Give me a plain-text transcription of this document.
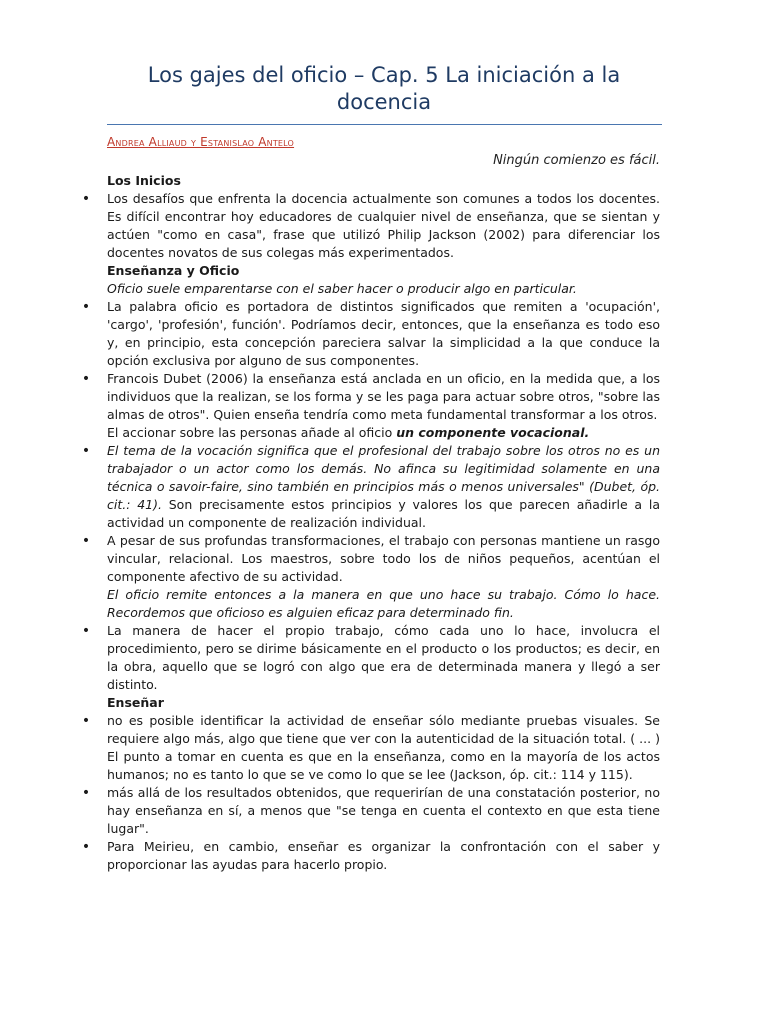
Los gajes del oficio – Cap. 5 La iniciación a la docencia
Andrea Alliaud y Estanislao Antelo
Ningún comienzo es fácil.

Los Inicios

• Los desafíos que enfrenta la docencia actualmente son comunes a todos los docentes. Es difícil encontrar hoy educadores de cualquier nivel de enseñanza, que se sientan y actúen "como en casa", frase que utilizó Philip Jackson (2002) para diferenciar los docentes novatos de sus colegas más experimentados.

Enseñanza y Oficio

Oficio suele emparentarse con el saber hacer o producir algo en particular.

• La palabra oficio es portadora de distintos significados que remiten a 'ocupación', 'cargo', 'profesión', función'. Podríamos decir, entonces, que la enseñanza es todo eso y, en principio, esta concepción pareciera salvar la simplicidad a la que conduce la opción exclusiva por alguno de sus componentes.
• Francois Dubet (2006) la enseñanza está anclada en un oficio, en la medida que, a los individuos que la realizan, se los forma y se les paga para actuar sobre otros, "sobre las almas de otros". Quien enseña tendría como meta fundamental transformar a los otros.

El accionar sobre las personas añade al oficio un componente vocacional.

• El tema de la vocación significa que el profesional del trabajo sobre los otros no es un trabajador o un actor como los demás. No afinca su legitimidad solamente en una técnica o savoir-faire, sino también en principios más o menos universales" (Dubet, óp. cit.: 41). Son precisamente estos principios y valores los que parecen añadirle a la actividad un componente de realización individual.
• A pesar de sus profundas transformaciones, el trabajo con personas mantiene un rasgo vincular, relacional. Los maestros, sobre todo los de niños pequeños, acentúan el componente afectivo de su actividad.

El oficio remite entonces a la manera en que uno hace su trabajo. Cómo lo hace. Recordemos que oficioso es alguien eficaz para determinado fin.

• La manera de hacer el propio trabajo, cómo cada uno lo hace, involucra el procedimiento, pero se dirime básicamente en el producto o los productos; es decir, en la obra, aquello que se logró con algo que era de determinada manera y llegó a ser distinto.

Enseñar

• no es posible identificar la actividad de enseñar sólo mediante pruebas visuales. Se requiere algo más, algo que tiene que ver con la autenticidad de la situación total. ( ... ) El punto a tomar en cuenta es que en la enseñanza, como en la mayoría de los actos humanos; no es tanto lo que se ve como lo que se lee (Jackson, óp. cit.: 114 y 115).
• más allá de los resultados obtenidos, que requerirían de una constatación posterior, no hay enseñanza en sí, a menos que "se tenga en cuenta el contexto en que esta tiene lugar".
• Para Meirieu, en cambio, enseñar es organizar la confrontación con el saber y proporcionar las ayudas para hacerlo propio.
